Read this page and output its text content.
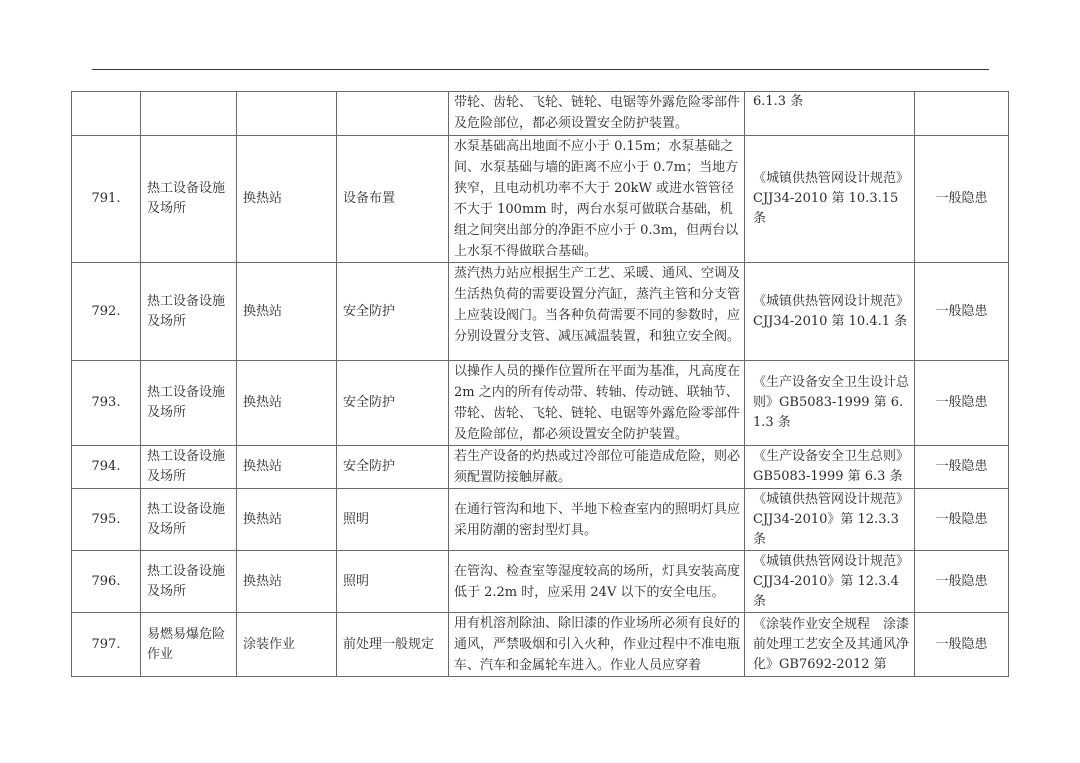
				带轮、齿轮、飞轮、链轮、电锯等外露危险零部件及危险部位，都必须设置安全防护装置。	6.1.3 条	
791.	热工设备设施及场所	换热站	设备布置	水泵基础高出地面不应小于 0.15m；水泵基础之间、水泵基础与墙的距离不应小于 0.7m；当地方狭窄，且电动机功率不大于 20kW 或进水管管径不大于 100mm 时，两台水泵可做联合基础，机组之间突出部分的净距不应小于 0.3m，但两台以上水泵不得做联合基础。	《城镇供热管网设计规范》CJJ34-2010 第 10.3.15 条	一般隐患
792.	热工设备设施及场所	换热站	安全防护	蒸汽热力站应根据生产工艺、采暖、通风、空调及生活热负荷的需要设置分汽缸，蒸汽主管和分支管上应装设阀门。当各种负荷需要不同的参数时，应分别设置分支管、减压减温装置，和独立安全阀。	《城镇供热管网设计规范》CJJ34-2010 第 10.4.1 条	一般隐患
793.	热工设备设施及场所	换热站	安全防护	以操作人员的操作位置所在平面为基准，凡高度在 2m 之内的所有传动带、转轴、传动链、联轴节、带轮、齿轮、飞轮、链轮、电锯等外露危险零部件及危险部位，都必须设置安全防护装置。	《生产设备安全卫生设计总则》GB5083-1999 第 6.1.3 条	一般隐患
794.	热工设备设施及场所	换热站	安全防护	若生产设备的灼热或过冷部位可能造成危险，则必须配置防接触屏蔽。	《生产设备安全卫生总则》GB5083-1999 第 6.3 条	一般隐患
795.	热工设备设施及场所	换热站	照明	在通行管沟和地下、半地下检查室内的照明灯具应采用防潮的密封型灯具。	《城镇供热管网设计规范》CJJ34-2010》第 12.3.3 条	一般隐患
796.	热工设备设施及场所	换热站	照明	在管沟、检查室等湿度较高的场所，灯具安装高度低于 2.2m 时，应采用 24V 以下的安全电压。	《城镇供热管网设计规范》CJJ34-2010》第 12.3.4 条	一般隐患
797.	易燃易爆危险作业	涂装作业	前处理一般规定	用有机溶剂除油、除旧漆的作业场所必须有良好的通风，严禁吸烟和引入火种，作业过程中不准电瓶车、汽车和金属轮车进入。作业人员应穿着	《涂装作业安全规程　涂漆前处理工艺安全及其通风净化》GB7692-2012 第	一般隐患
